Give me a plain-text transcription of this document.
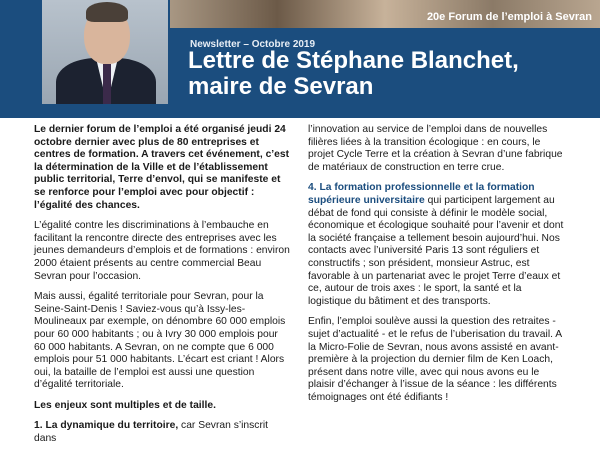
20e Forum de l’emploi à Sevran
Newsletter – Octobre 2019
Lettre de Stéphane Blanchet, maire de Sevran

Le dernier forum de l’emploi a été organisé jeudi 24 octobre dernier avec plus de 80 entreprises et centres de formation. A travers cet événement, c’est la détermination de la Ville et de l’établissement public territorial, Terre d’envol, qui se manifeste et se renforce pour l’emploi avec pour objectif : l’égalité des chances.

L’égalité contre les discriminations à l’embauche en facilitant la rencontre directe des entreprises avec les jeunes demandeurs d’emplois et de formations : environ 2000 étaient présents au centre commercial Beau Sevran pour l’occasion.

Mais aussi, égalité territoriale pour Sevran, pour la Seine-Saint-Denis ! Saviez-vous qu’à Issy-les-Moulineaux par exemple, on dénombre 60 000 emplois pour 60 000 habitants ; ou à Ivry 30 000 emplois pour 60 000 habitants. A Sevran, on ne compte que 6 000 emplois pour 51 000 habitants. L’écart est criant ! Alors oui, la bataille de l’emploi est aussi une question d’égalité territoriale.

Les enjeux sont multiples et de taille.

1. La dynamique du territoire, car Sevran s’inscrit dans

l’innovation au service de l’emploi dans de nouvelles filières liées à la transition écologique : en cours, le projet Cycle Terre et la création à Sevran d’une fabrique de matériaux de construction en terre crue.

4. La formation professionnelle et la formation supérieure universitaire qui participent largement au débat de fond qui consiste à définir le modèle social, économique et écologique souhaité pour l’avenir et dont la société française a tellement besoin aujourd’hui. Nos contacts avec l’université Paris 13 sont réguliers et constructifs ; son président, monsieur Astruc, est favorable à un partenariat avec le projet Terre d’eaux et ce, autour de trois axes : le sport, la santé et la logistique du bâtiment et des transports.

Enfin, l’emploi soulève aussi la question des retraites - sujet d’actualité - et le refus de l’uberisation du travail. A la Micro-Folie de Sevran, nous avons assisté en avant-première à la projection du dernier film de Ken Loach, présent dans notre ville, avec qui nous avons eu le plaisir d’échanger à l’issue de la séance : les différents témoignages ont été édifiants !
